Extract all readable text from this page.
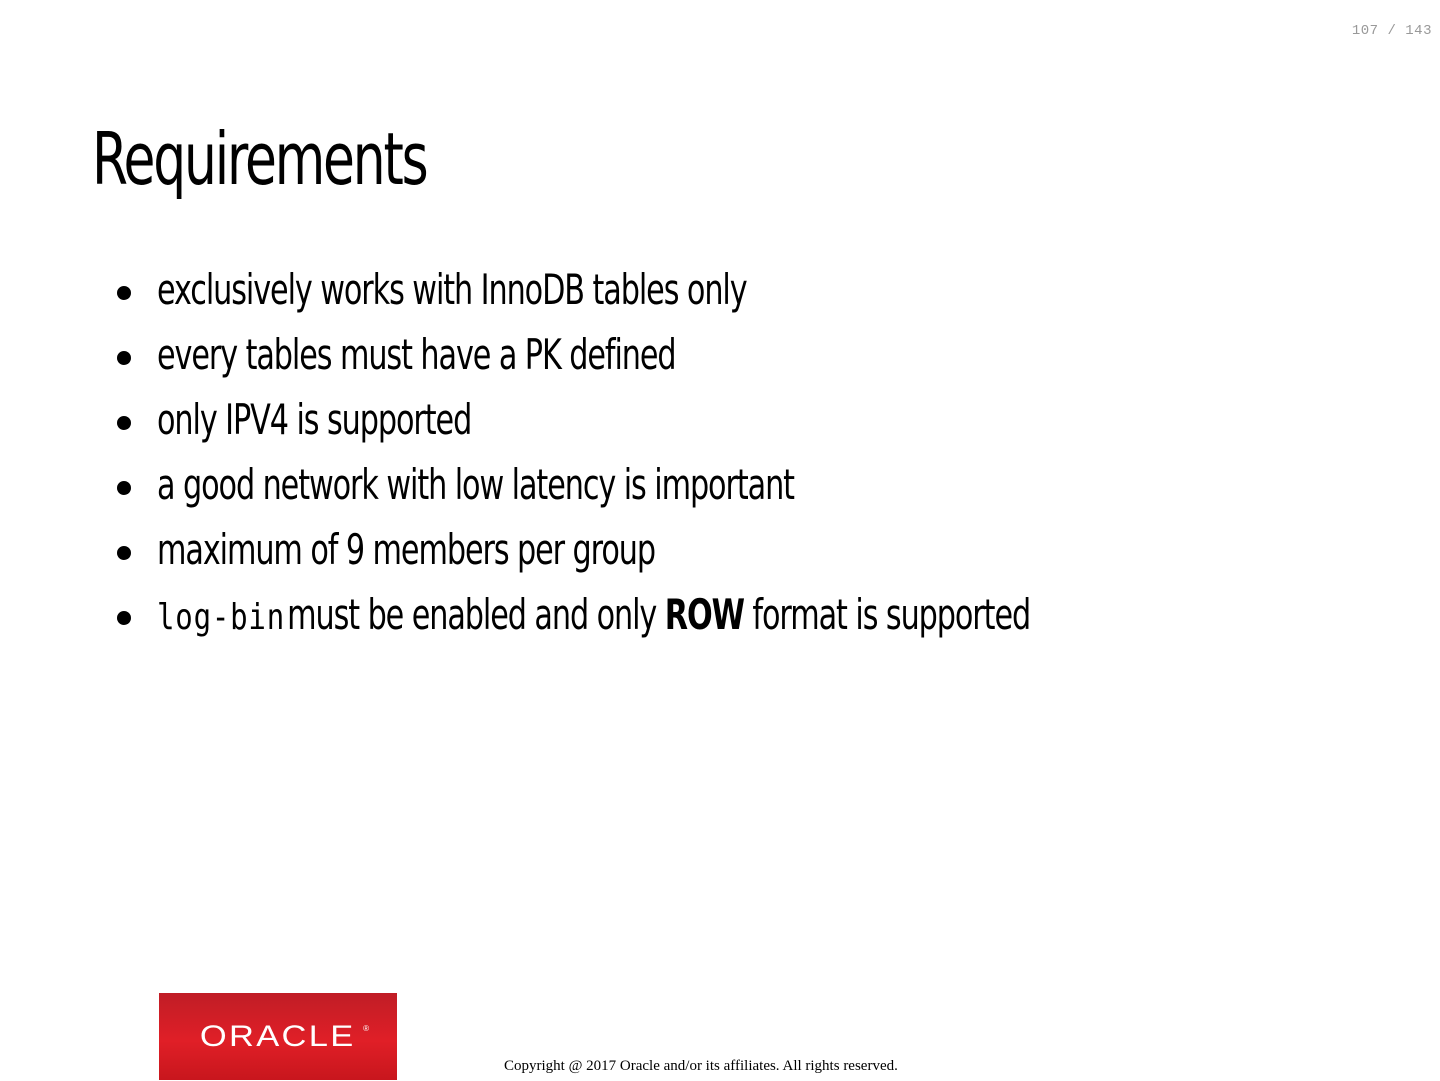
107 / 143
Requirements
exclusively works with InnoDB tables only
every tables must have a PK defined
only IPV4 is supported
a good network with low latency is important
maximum of 9 members per group
log-binmust be enabled and only ROW format is supported
ORACLE ®
Copyright @ 2017 Oracle and/or its affiliates. All rights reserved.
